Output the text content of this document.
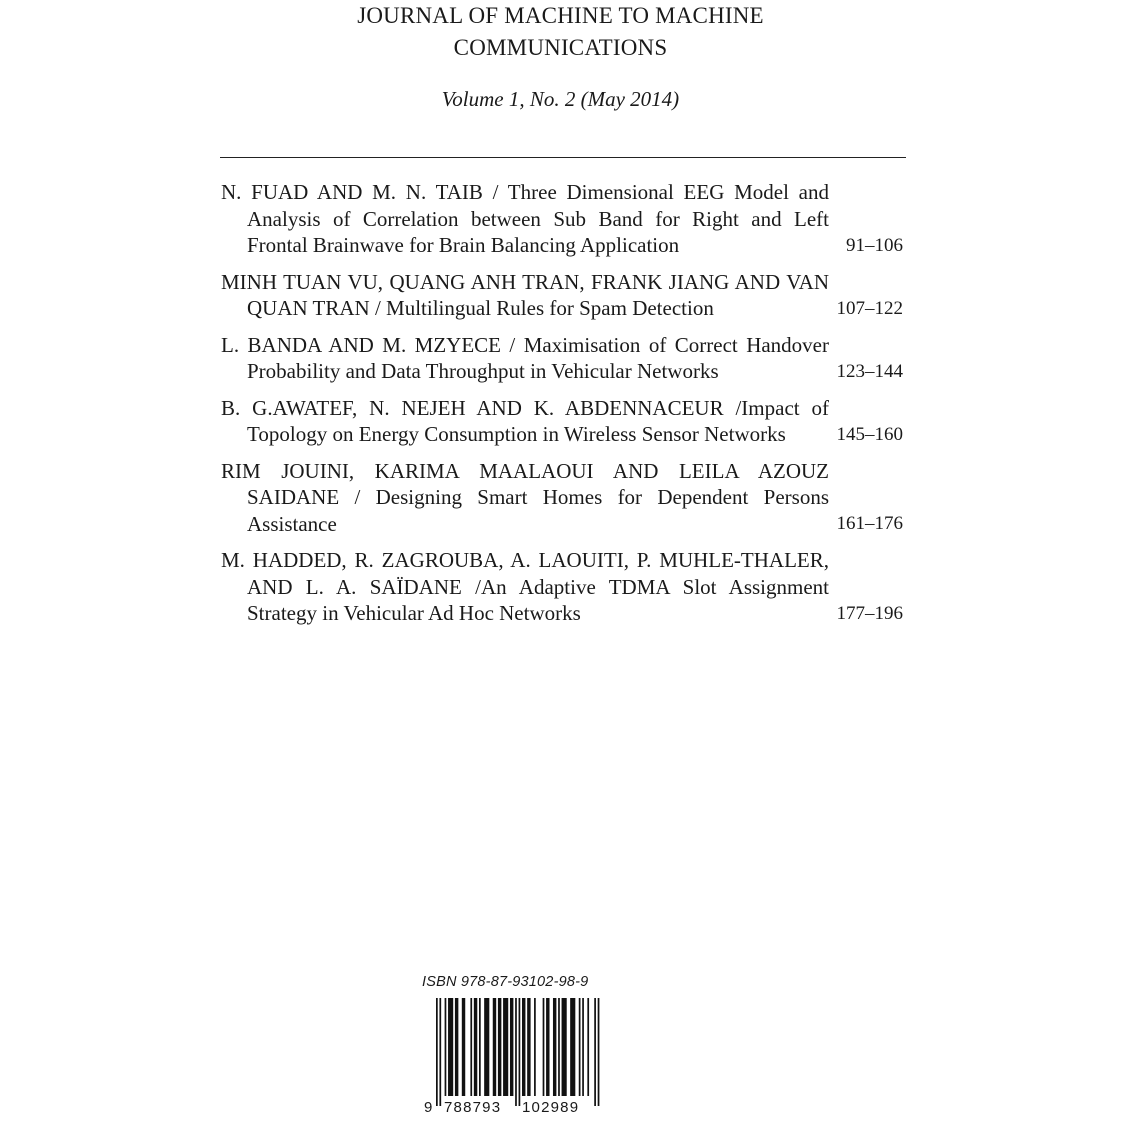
JOURNAL OF MACHINE TO MACHINE
COMMUNICATIONS
Volume 1, No. 2 (May 2014)
N. FUAD AND M. N. TAIB / Three Dimensional EEG Model and Analysis of Correlation between Sub Band for Right and Left Frontal Brainwave for Brain Balancing Application	91–106
MINH TUAN VU, QUANG ANH TRAN, FRANK JIANG AND VAN QUAN TRAN / Multilingual Rules for Spam Detection	107–122
L. BANDA AND M. MZYECE / Maximisation of Correct Handover Probability and Data Throughput in Vehicular Networks	123–144
B. G.AWATEF, N. NEJEH AND K. ABDENNACEUR /Impact of Topology on Energy Consumption in Wireless Sensor Networks	145–160
RIM JOUINI, KARIMA MAALAOUI AND LEILA AZOUZ SAIDANE / Designing Smart Homes for Dependent Persons Assistance	161–176
M. HADDED, R. ZAGROUBA, A. LAOUITI, P. MUHLE-THALER, AND L. A. SAÏDANE /An Adaptive TDMA Slot Assignment Strategy in Vehicular Ad Hoc Networks	177–196
ISBN 978-87-93102-98-9
9 788793 102989
